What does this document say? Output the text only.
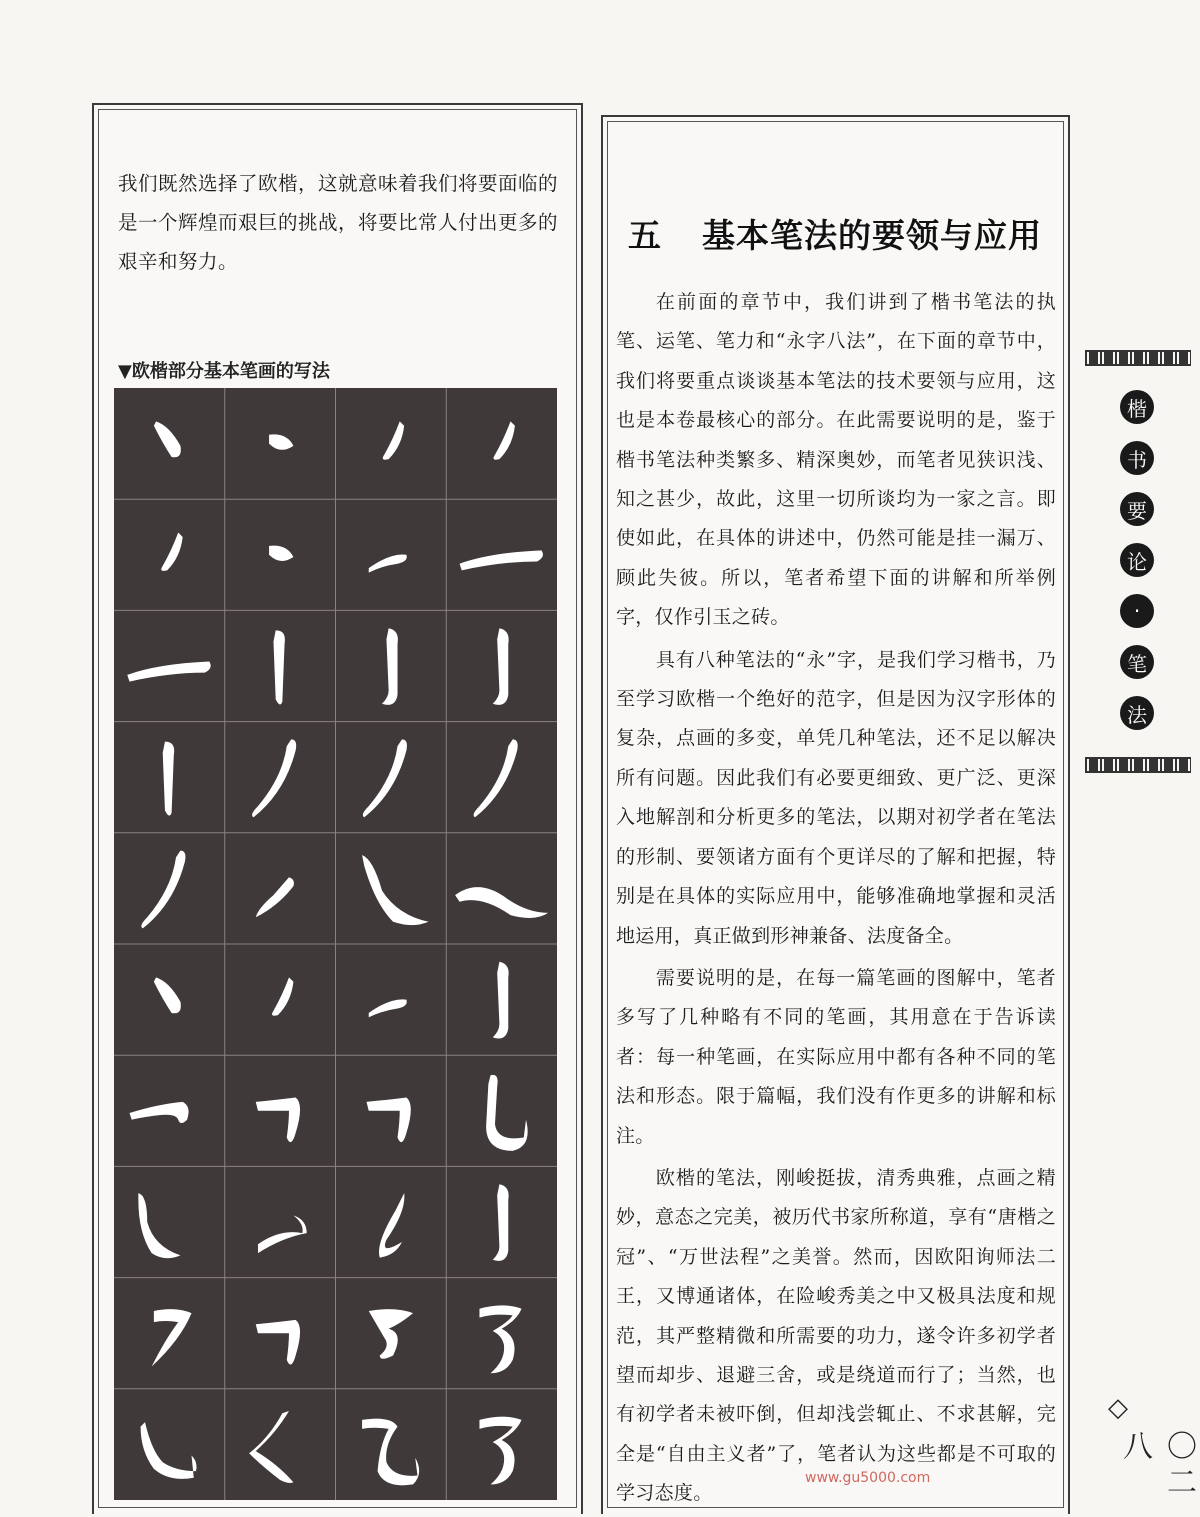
我们既然选择了欧楷，这就意味着我们将要面临的是一个辉煌而艰巨的挑战，将要比常人付出更多的艰辛和努力。
▼欧楷部分基本笔画的写法
五 基本笔法的要领与应用

在前面的章节中，我们讲到了楷书笔法的执笔、运笔、笔力和“永字八法”，在下面的章节中，我们将要重点谈谈基本笔法的技术要领与应用，这也是本卷最核心的部分。在此需要说明的是，鉴于楷书笔法种类繁多、精深奥妙，而笔者见狭识浅、知之甚少，故此，这里一切所谈均为一家之言。即使如此，在具体的讲述中，仍然可能是挂一漏万、顾此失彼。所以，笔者希望下面的讲解和所举例字，仅作引玉之砖。

具有八种笔法的“永”字，是我们学习楷书，乃至学习欧楷一个绝好的范字，但是因为汉字形体的复杂，点画的多变，单凭几种笔法，还不足以解决所有问题。因此我们有必要更细致、更广泛、更深入地解剖和分析更多的笔法，以期对初学者在笔法的形制、要领诸方面有个更详尽的了解和把握，特别是在具体的实际应用中，能够准确地掌握和灵活地运用，真正做到形神兼备、法度备全。

需要说明的是，在每一篇笔画的图解中，笔者多写了几种略有不同的笔画，其用意在于告诉读者：每一种笔画，在实际应用中都有各种不同的笔法和形态。限于篇幅，我们没有作更多的讲解和标注。

欧楷的笔法，刚峻挺拔，清秀典雅，点画之精妙，意态之完美，被历代书家所称道，享有“唐楷之冠”、“万世法程”之美誉。然而，因欧阳询师法二王，又博通诸体，在险峻秀美之中又极具法度和规范，其严整精微和所需要的功力，遂令许多初学者望而却步、退避三舍，或是绕道而行了；当然，也有初学者未被吓倒，但却浅尝辄止、不求甚解，完全是“自由主义者”了，笔者认为这些都是不可取的学习态度。

楷
书
要
论
·
笔
法
◇
〇二八
www.gu5000.com
